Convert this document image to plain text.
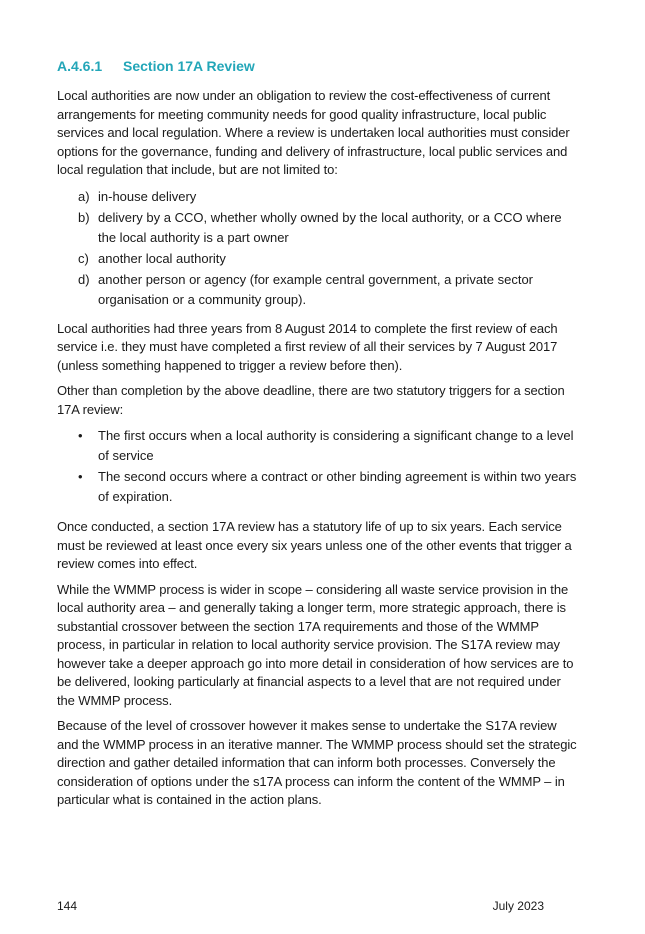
A.4.6.1	Section 17A Review

Local authorities are now under an obligation to review the cost-effectiveness of current arrangements for meeting community needs for good quality infrastructure, local public services and local regulation. Where a review is undertaken local authorities must consider options for the governance, funding and delivery of infrastructure, local public services and local regulation that include, but are not limited to:

a) in-house delivery
b) delivery by a CCO, whether wholly owned by the local authority, or a CCO where the local authority is a part owner
c) another local authority
d) another person or agency (for example central government, a private sector organisation or a community group).

Local authorities had three years from 8 August 2014 to complete the first review of each service i.e. they must have completed a first review of all their services by 7 August 2017 (unless something happened to trigger a review before then).

Other than completion by the above deadline, there are two statutory triggers for a section 17A review:

•	The first occurs when a local authority is considering a significant change to a level of service
•	The second occurs where a contract or other binding agreement is within two years of expiration.

Once conducted, a section 17A review has a statutory life of up to six years. Each service must be reviewed at least once every six years unless one of the other events that trigger a review comes into effect.

While the WMMP process is wider in scope – considering all waste service provision in the local authority area – and generally taking a longer term, more strategic approach, there is substantial crossover between the section 17A requirements and those of the WMMP process, in particular in relation to local authority service provision. The S17A review may however take a deeper approach go into more detail in consideration of how services are to be delivered, looking particularly at financial aspects to a level that are not required under the WMMP process.

Because of the level of crossover however it makes sense to undertake the S17A review and the WMMP process in an iterative manner. The WMMP process should set the strategic direction and gather detailed information that can inform both processes. Conversely the consideration of options under the s17A process can inform the content of the WMMP – in particular what is contained in the action plans.

144	July 2023
